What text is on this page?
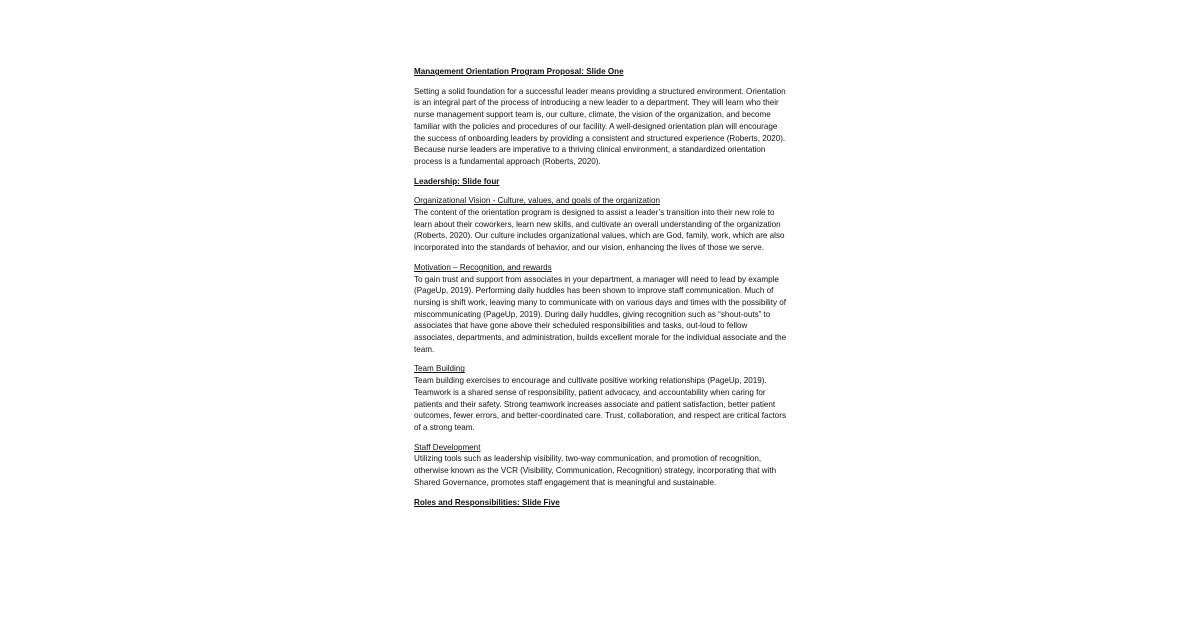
Management Orientation Program Proposal: Slide One

Setting a solid foundation for a successful leader means providing a structured environment. Orientation is an integral part of the process of introducing a new leader to a department. They will learn who their nurse management support team is, our culture, climate, the vision of the organization, and become familiar with the policies and procedures of our facility. A well-designed orientation plan will encourage the success of onboarding leaders by providing a consistent and structured experience (Roberts, 2020). Because nurse leaders are imperative to a thriving clinical environment, a standardized orientation process is a fundamental approach (Roberts, 2020).

Leadership: Slide four

Organizational Vision - Culture, values, and goals of the organization

The content of the orientation program is designed to assist a leader’s transition into their new role to learn about their coworkers, learn new skills, and cultivate an overall understanding of the organization (Roberts, 2020). Our culture includes organizational values, which are God, family, work, which are also incorporated into the standards of behavior, and our vision, enhancing the lives of those we serve.

Motivation – Recognition, and rewards

To gain trust and support from associates in your department, a manager will need to lead by example (PageUp, 2019). Performing daily huddles has been shown to improve staff communication. Much of nursing is shift work, leaving many to communicate with on various days and times with the possibility of miscommunicating (PageUp, 2019). During daily huddles, giving recognition such as “shout-outs” to associates that have gone above their scheduled responsibilities and tasks, out-loud to fellow associates, departments, and administration, builds excellent morale for the individual associate and the team.

Team Building

Team building exercises to encourage and cultivate positive working relationships (PageUp, 2019). Teamwork is a shared sense of responsibility, patient advocacy, and accountability when caring for patients and their safety. Strong teamwork increases associate and patient satisfaction, better patient outcomes, fewer errors, and better-coordinated care. Trust, collaboration, and respect are critical factors of a strong team.

Staff Development

Utilizing tools such as leadership visibility, two-way communication, and promotion of recognition, otherwise known as the VCR (Visibility, Communication, Recognition) strategy, incorporating that with Shared Governance, promotes staff engagement that is meaningful and sustainable.

Roles and Responsibilities: Slide Five
